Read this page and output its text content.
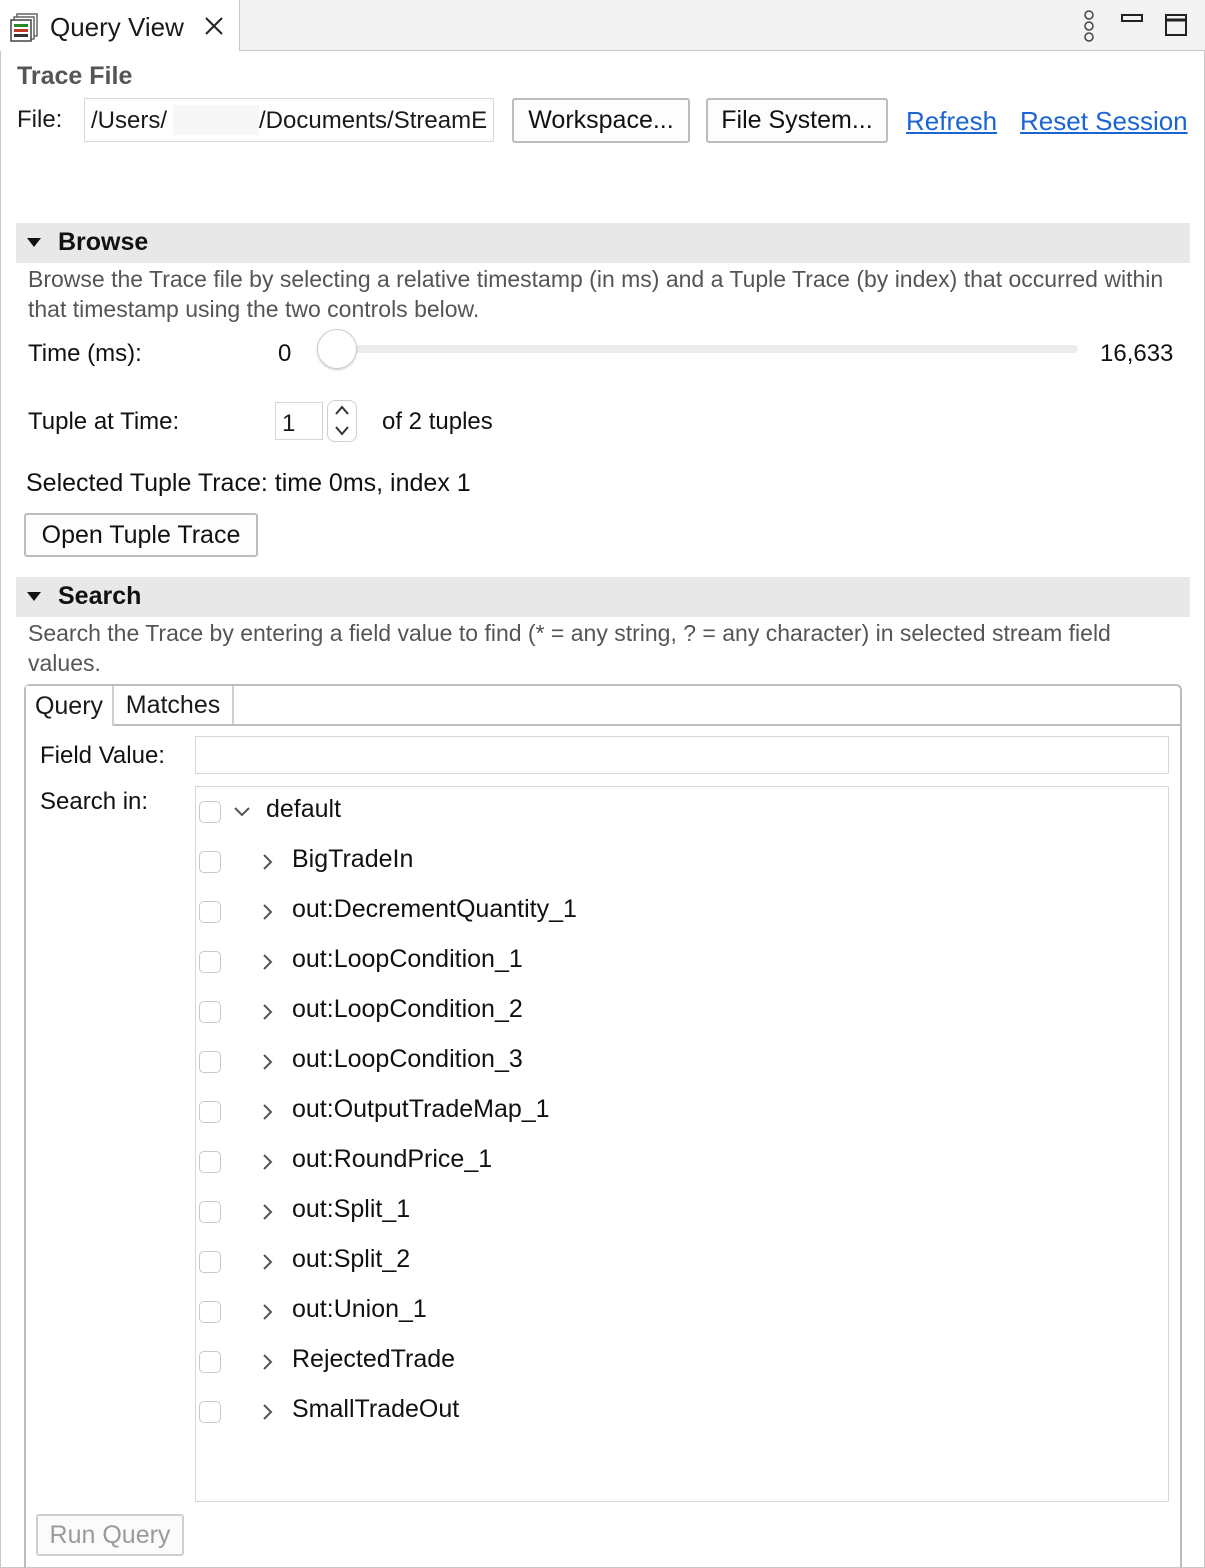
Query View
Trace File
File: /Users/	/Documents/StreamE	Workspace...	File System...	Refresh Reset Session
Browse
Browse the Trace file by selecting a relative timestamp (in ms) and a Tuple Trace (by index) that occurred within that timestamp using the two controls below.
Time (ms):	0	16,633
Tuple at Time:	1	of 2 tuples
Selected Tuple Trace: time 0ms, index 1
Open Tuple Trace
Search
Search the Trace by entering a field value to find (* = any string, ? = any character) in selected stream field values.
Query Matches
Field Value:
Search in:	default
BigTradeIn
out:DecrementQuantity_1
out:LoopCondition_1
out:LoopCondition_2
out:LoopCondition_3
out:OutputTradeMap_1
out:RoundPrice_1
out:Split_1
out:Split_2
out:Union_1
RejectedTrade
SmallTradeOut
Run Query
